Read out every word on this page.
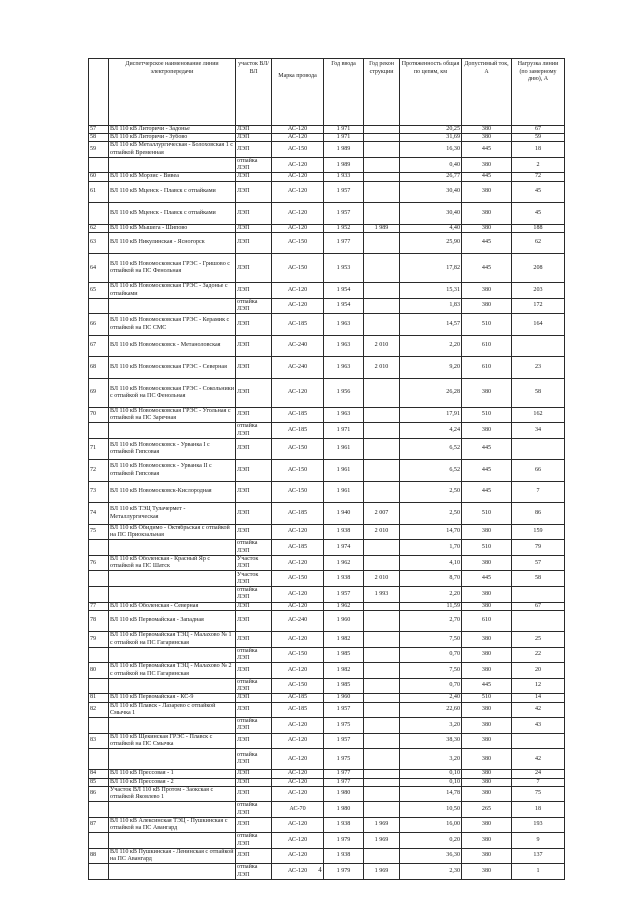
	Диспетчерское наименование линии электропередачи	участок ВЛ/ВЛ	Марка провода	Год ввода	Год рекон струкции	Протяженность общая по цепям, км	Допустимый ток, А	Нагрузка линии (по замерному дню), А
57	ВЛ 110 кВ Литоричи - Задонье	ЛЭП	АС-120	1 971		20,25	380	67
58	ВЛ 110 кВ Литоричи - Зубово	ЛЭП	АС-120	1 971		31,69	380	59
59	ВЛ 110 кВ Металлургическая - Болоховская 1 с отпайкой Временная	ЛЭП	АС-150	1 989		16,30	445	18
		отпайка ЛЭП	АС-120	1 989		0,40	380	2
60	ВЛ 110 кВ Морзис - Вивеа	ЛЭП	АС-120	1 933		26,77	445	72
61	ВЛ 110 кВ Мценск - Плавск с отпайками	ЛЭП	АС-120	1 957		30,40	380	45
	ВЛ 110 кВ Мценск - Плавск с отпайками	ЛЭП	АС-120	1 957		30,40	380	45
62	ВЛ 110 кВ Мышега - Шипово	ЛЭП	АС-120	1 952	1 989	4,40	380	188
63	ВЛ 110 кВ Никулинская - Ясногорск	ЛЭП	АС-150	1 977		25,90	445	62
64	ВЛ 110 кВ Новомосковская ГРЭС - Гришово с отпайкой на ПС Фенольная	ЛЭП	АС-150	1 953		17,82	445	208
65	ВЛ 110 кВ Новомосковская ГРЭС - Задонье с отпайками	ЛЭП	АС-120	1 954		15,31	380	203
		отпайка ЛЭП	АС-120	1 954		1,83	380	172
66	ВЛ 110 кВ Новомосковская ГРЭС - Керамик с отпайкой на ПС СМС	ЛЭП	АС-185	1 963		14,57	510	164
67	ВЛ 110 кВ Новомосковск - Метаноловская	ЛЭП	АС-240	1 963	2 010	2,20	610	
68	ВЛ 110 кВ Новомосковская ГРЭС - Северная	ЛЭП	АС-240	1 963	2 010	9,20	610	23
69	ВЛ 110 кВ Новомосковская ГРЭС - Сокольники с отпайкой на ПС Фенольная	ЛЭП	АС-120	1 956		26,28	380	58
70	ВЛ 110 кВ Новомосковская ГРЭС - Угольная с отпайкой на ПС Заречная	ЛЭП	АС-185	1 963		17,91	510	162
		отпайка ЛЭП	АС-185	1 971		4,24	380	34
71	ВЛ 110 кВ Новомосковск - Урванка I с отпайкой Гипсовая	ЛЭП	АС-150	1 961		6,52	445	
72	ВЛ 110 кВ Новомосковск - Урванка II с отпайкой Гипсовая	ЛЭП	АС-150	1 961		6,52	445	66
73	ВЛ 110 кВ Новомосковск-Кислородная	ЛЭП	АС-150	1 961		2,50	445	7
74	ВЛ 110 кВ ТЭЦ Тулачермет - Металлургическая	ЛЭП	АС-185	1 940	2 007	2,50	510	86
75	ВЛ 110 кВ Обидимо - Октябрьская с отпайкой на ПС Приокзальная	ЛЭП	АС-120	1 938	2 010	14,70	380	159
		отпайка ЛЭП	АС-185	1 974		1,70	510	79
76	ВЛ 110 кВ Оболенская - Красный Яр с отпайкой на ПС Шатск	Участок ЛЭП	АС-120	1 962		4,10	380	57
		Участок ЛЭП	АС-150	1 938	2 010	8,70	445	58
		отпайка ЛЭП	АС-120	1 957	1 993	2,20	380	
77	ВЛ 110 кВ Оболенская - Северная	ЛЭП	АС-120	1 962		11,59	380	67
78	ВЛ 110 кВ Первомайская - Западная	ЛЭП	АС-240	1 960		2,70	610	
79	ВЛ 110 кВ Первомайская ТЭЦ - Малахово № 1 с отпайкой на ПС Гагаринская	ЛЭП	АС-120	1 982		7,50	380	25
		отпайка ЛЭП	АС-150	1 985		0,70	380	22
80	ВЛ 110 кВ Первомайская ТЭЦ - Малахово № 2 с отпайкой на ПС Гагаринская	ЛЭП	АС-120	1 982		7,50	380	20
		отпайка ЛЭП	АС-150	1 985		0,70	445	12
81	ВЛ 110 кВ Первомайская - КС-9	ЛЭП	АС-185	1 960		2,40	510	14
82	ВЛ 110 кВ Плавск - Лазарево с отпайкой Смычка 1	ЛЭП	АС-185	1 957		22,60	380	42
		отпайка ЛЭП	АС-120	1 975		3,20	380	43
83	ВЛ 110 кВ Щекинская ГРЭС - Плавск с отпайкой на ПС Смычка	ЛЭП	АС-120	1 957		38,30	380	
		отпайка ЛЭП	АС-120	1 975		3,20	380	42
84	ВЛ 110 кВ Прессовая - 1	ЛЭП	АС-120	1 977		0,10	380	24
85	ВЛ 110 кВ Прессовая - 2	ЛЭП	АС-120	1 977		0,10	380	7
86	Участок ВЛ 110 кВ Протом - Заокская с отпайкой Яковлево 1	ЛЭП	АС-120	1 980		14,78	380	75
		отпайка ЛЭП	АС-70	1 980		10,50	265	18
87	ВЛ 110 кВ Алексинская ТЭЦ - Пушкинская с отпайкой на ПС Авангард	ЛЭП	АС-120	1 938	1 969	16,00	380	193
		отпайка ЛЭП	АС-120	1 979	1 969	0,20	380	9
88	ВЛ 110 кВ Пушкинская - Ленинская с отпайкой на ПС Авангард	ЛЭП	АС-120	1 938		36,30	380	137
		отпайка ЛЭП	АС-120	1 979	1 969	2,30	380	1
4
